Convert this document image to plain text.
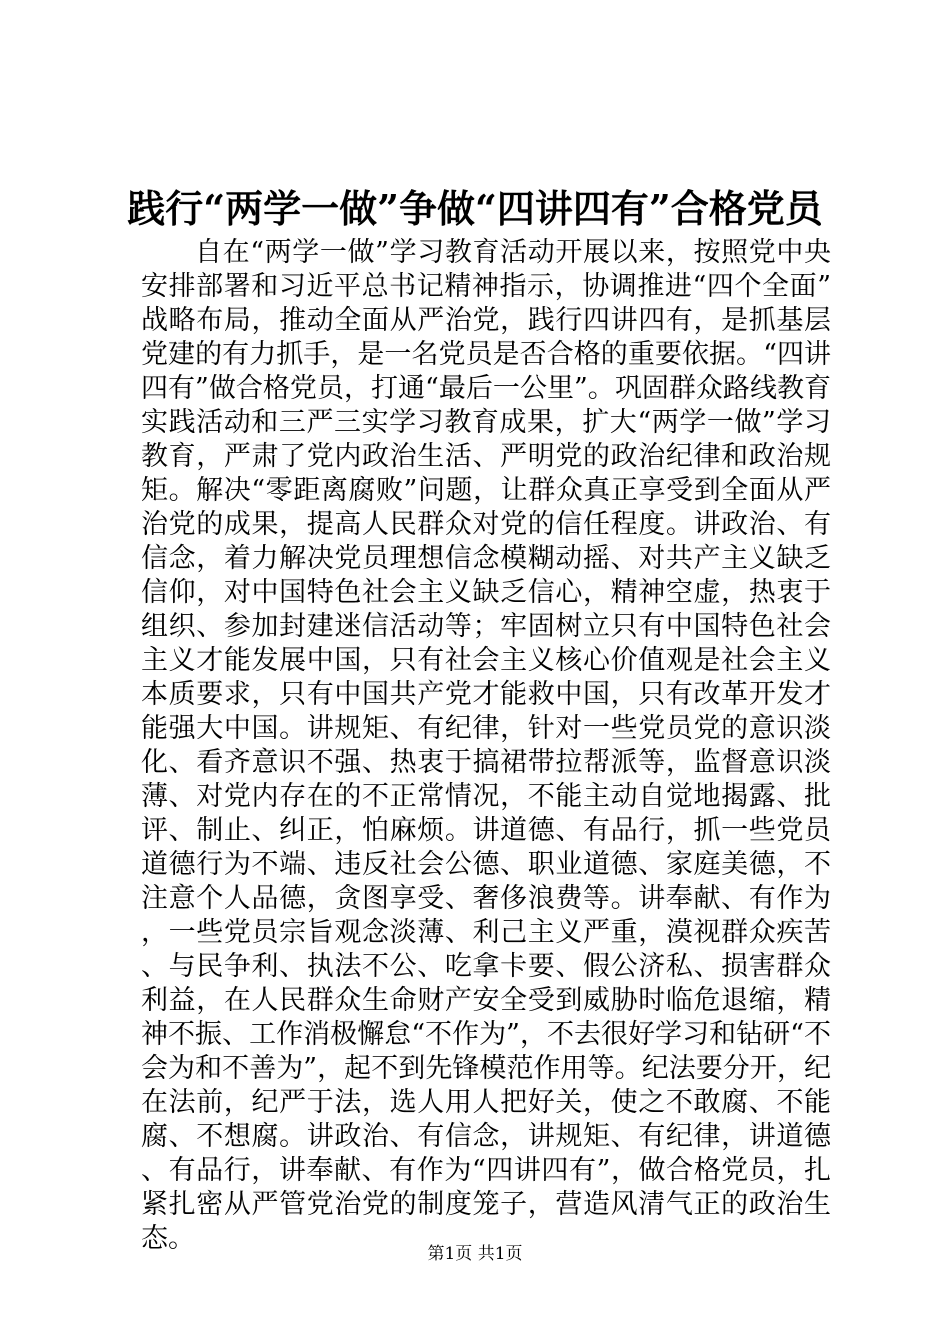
践行“两学一做”争做“四讲四有”合格党员

自在“两学一做”学习教育活动开展以来，按照党中央安排部署和习近平总书记精神指示，协调推进“四个全面”战略布局，推动全面从严治党，践行四讲四有，是抓基层党建的有力抓手，是一名党员是否合格的重要依据。“四讲四有”做合格党员，打通“最后一公里”。巩固群众路线教育实践活动和三严三实学习教育成果，扩大“两学一做”学习教育，严肃了党内政治生活、严明党的政治纪律和政治规矩。解决“零距离腐败”问题，让群众真正享受到全面从严治党的成果，提高人民群众对党的信任程度。讲政治、有信念，着力解决党员理想信念模糊动摇、对共产主义缺乏信仰，对中国特色社会主义缺乏信心，精神空虚，热衷于组织、参加封建迷信活动等；牢固树立只有中国特色社会主义才能发展中国，只有社会主义核心价值观是社会主义本质要求，只有中国共产党才能救中国，只有改革开发才能强大中国。讲规矩、有纪律，针对一些党员党的意识淡化、看齐意识不强、热衷于搞裙带拉帮派等，监督意识淡薄、对党内存在的不正常情况，不能主动自觉地揭露、批评、制止、纠正，怕麻烦。讲道德、有品行，抓一些党员道德行为不端、违反社会公德、职业道德、家庭美德，不注意个人品德，贪图享受、奢侈浪费等。讲奉献、有作为，一些党员宗旨观念淡薄、利己主义严重，漠视群众疾苦、与民争利、执法不公、吃拿卡要、假公济私、损害群众利益，在人民群众生命财产安全受到威胁时临危退缩，精神不振、工作消极懈怠“不作为”，不去很好学习和钻研“不会为和不善为”，起不到先锋模范作用等。纪法要分开，纪在法前，纪严于法，选人用人把好关，使之不敢腐、不能腐、不想腐。讲政治、有信念，讲规矩、有纪律，讲道德、有品行，讲奉献、有作为“四讲四有”，做合格党员，扎紧扎密从严管党治党的制度笼子，营造风清气正的政治生态。	第1页 共1页
